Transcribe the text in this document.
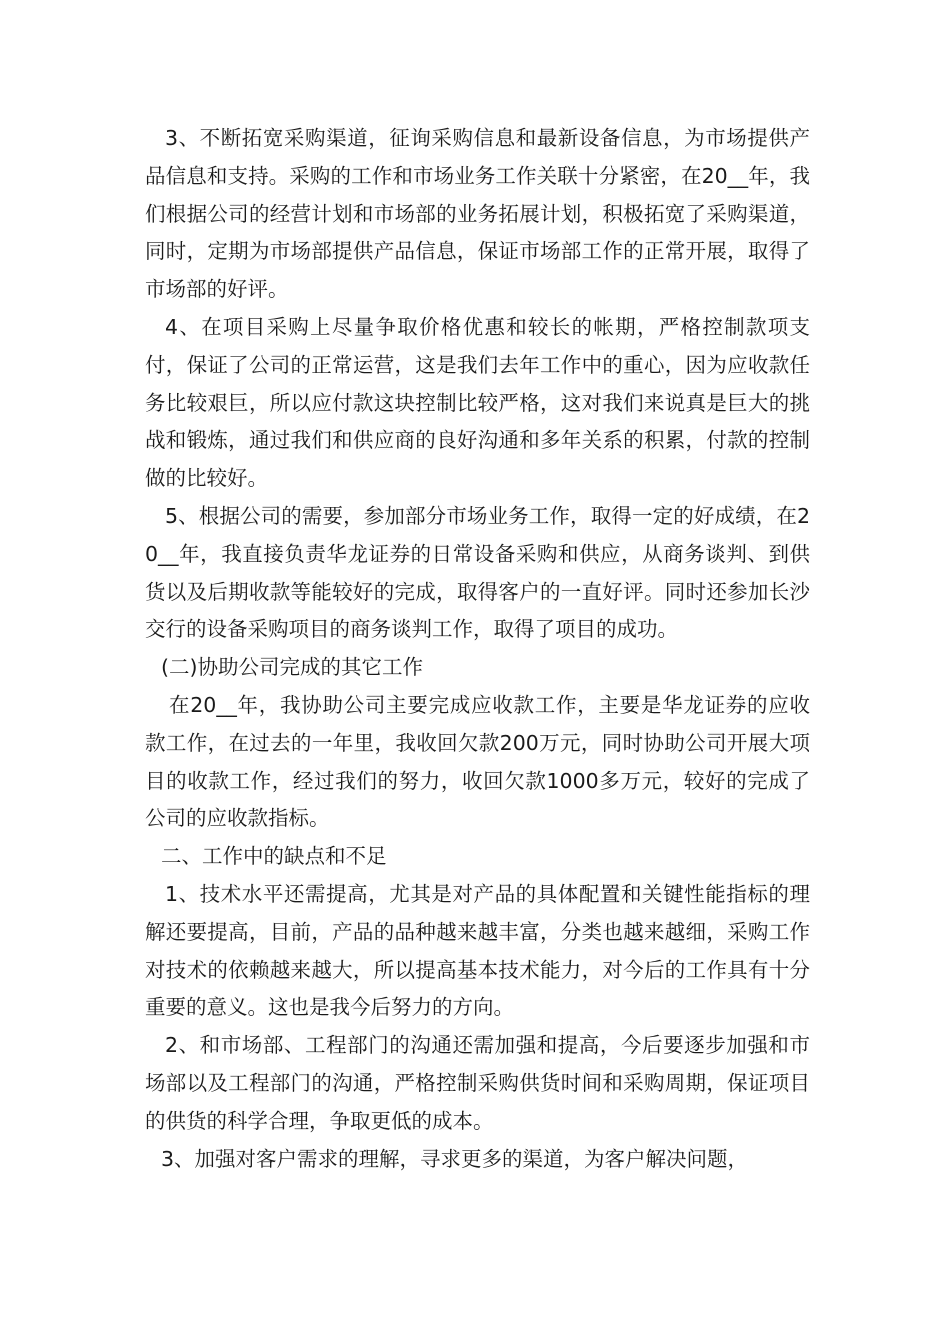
3、不断拓宽采购渠道，征询采购信息和最新设备信息，为市场提供产品信息和支持。采购的工作和市场业务工作关联十分紧密，在20__年，我们根据公司的经营计划和市场部的业务拓展计划，积极拓宽了采购渠道，同时，定期为市场部提供产品信息，保证市场部工作的正常开展，取得了市场部的好评。

4、在项目采购上尽量争取价格优惠和较长的帐期，严格控制款项支付，保证了公司的正常运营，这是我们去年工作中的重心，因为应收款任务比较艰巨，所以应付款这块控制比较严格，这对我们来说真是巨大的挑战和锻炼，通过我们和供应商的良好沟通和多年关系的积累，付款的控制做的比较好。

5、根据公司的需要，参加部分市场业务工作，取得一定的好成绩，在20__年，我直接负责华龙证券的日常设备采购和供应，从商务谈判、到供货以及后期收款等能较好的完成，取得客户的一直好评。同时还参加长沙交行的设备采购项目的商务谈判工作，取得了项目的成功。

(二)协助公司完成的其它工作

在20__年，我协助公司主要完成应收款工作，主要是华龙证券的应收款工作，在过去的一年里，我收回欠款200万元，同时协助公司开展大项目的收款工作，经过我们的努力，收回欠款1000多万元，较好的完成了公司的应收款指标。

二、工作中的缺点和不足

1、技术水平还需提高，尤其是对产品的具体配置和关键性能指标的理解还要提高，目前，产品的品种越来越丰富，分类也越来越细，采购工作对技术的依赖越来越大，所以提高基本技术能力，对今后的工作具有十分重要的意义。这也是我今后努力的方向。

2、和市场部、工程部门的沟通还需加强和提高，今后要逐步加强和市场部以及工程部门的沟通，严格控制采购供货时间和采购周期，保证项目的供货的科学合理，争取更低的成本。

3、加强对客户需求的理解，寻求更多的渠道，为客户解决问题，
